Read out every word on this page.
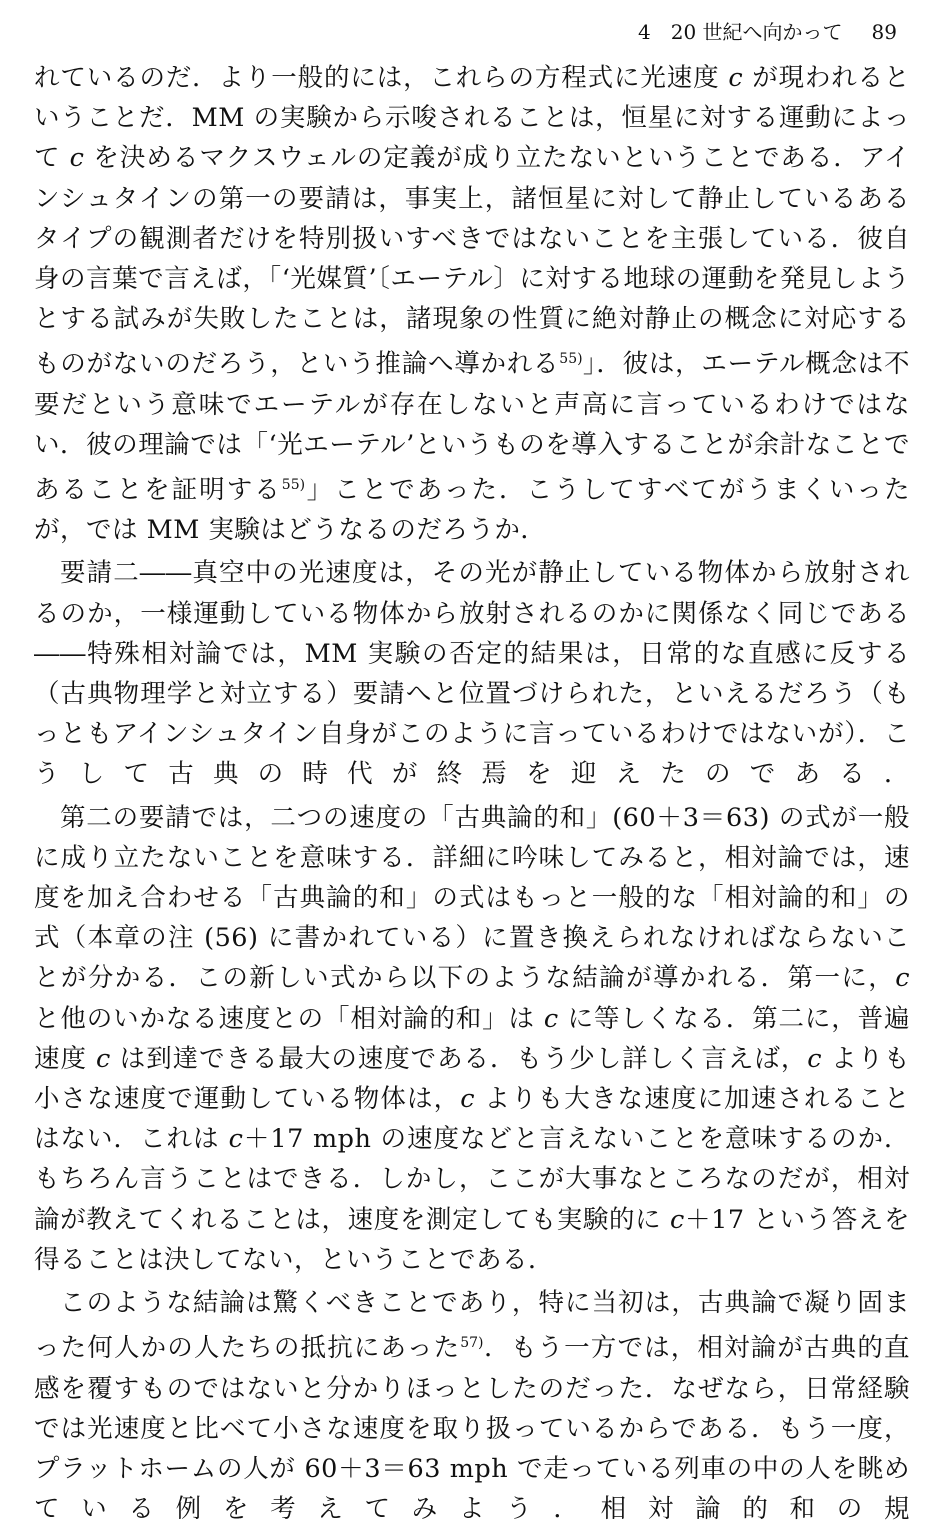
4　20 世紀へ向かって 89

れているのだ．より一般的には，これらの方程式に光速度 c が現われるということだ．MM の実験から示唆されることは，恒星に対する運動によって c を決めるマクスウェルの定義が成り立たないということである．アインシュタインの第一の要請は，事実上，諸恒星に対して静止しているあるタイプの観測者だけを特別扱いすべきではないことを主張している．彼自身の言葉で言えば，「‘光媒質’〔エーテル〕に対する地球の運動を発見しようとする試みが失敗したことは，諸現象の性質に絶対静止の概念に対応するものがないのだろう，という推論へ導かれる$^{55)}$」．彼は，エーテル概念は不要だという意味でエーテルが存在しないと声高に言っているわけではない．彼の理論では「‘光エーテル’というものを導入することが余計なことであることを証明する$^{55)}$」ことであった．こうしてすべてがうまくいったが，では MM 実験はどうなるのだろうか．

要請二――真空中の光速度は，その光が静止している物体から放射されるのか，一様運動している物体から放射されるのかに関係なく同じである――特殊相対論では，MM 実験の否定的結果は，日常的な直感に反する（古典物理学と対立する）要請へと位置づけられた，といえるだろう（もっともアインシュタイン自身がこのように言っているわけではないが）．こうして古典の時代が終焉を迎えたのである．

第二の要請では，二つの速度の「古典論的和」(60＋3＝63) の式が一般に成り立たないことを意味する．詳細に吟味してみると，相対論では，速度を加え合わせる「古典論的和」の式はもっと一般的な「相対論的和」の式（本章の注 (56) に書かれている）に置き換えられなければならないことが分かる．この新しい式から以下のような結論が導かれる．第一に，c と他のいかなる速度との「相対論的和」は c に等しくなる．第二に，普遍速度 c は到達できる最大の速度である．もう少し詳しく言えば，c よりも小さな速度で運動している物体は，c よりも大きな速度に加速されることはない．これは c＋17 mph の速度などと言えないことを意味するのか．もちろん言うことはできる．しかし，ここが大事なところなのだが，相対論が教えてくれることは，速度を測定しても実験的に c＋17 という答えを得ることは決してない，ということである．

このような結論は驚くべきことであり，特に当初は，古典論で凝り固まった何人かの人たちの抵抗にあった$^{57)}$．もう一方では，相対論が古典的直感を覆すものではないと分かりほっとしたのだった．なぜなら，日常経験では光速度と比べて小さな速度を取り扱っているからである．もう一度，プラットホームの人が 60＋3＝63 mph で走っている列車の中の人を眺めている例を考えてみよう．相対論的和の規
